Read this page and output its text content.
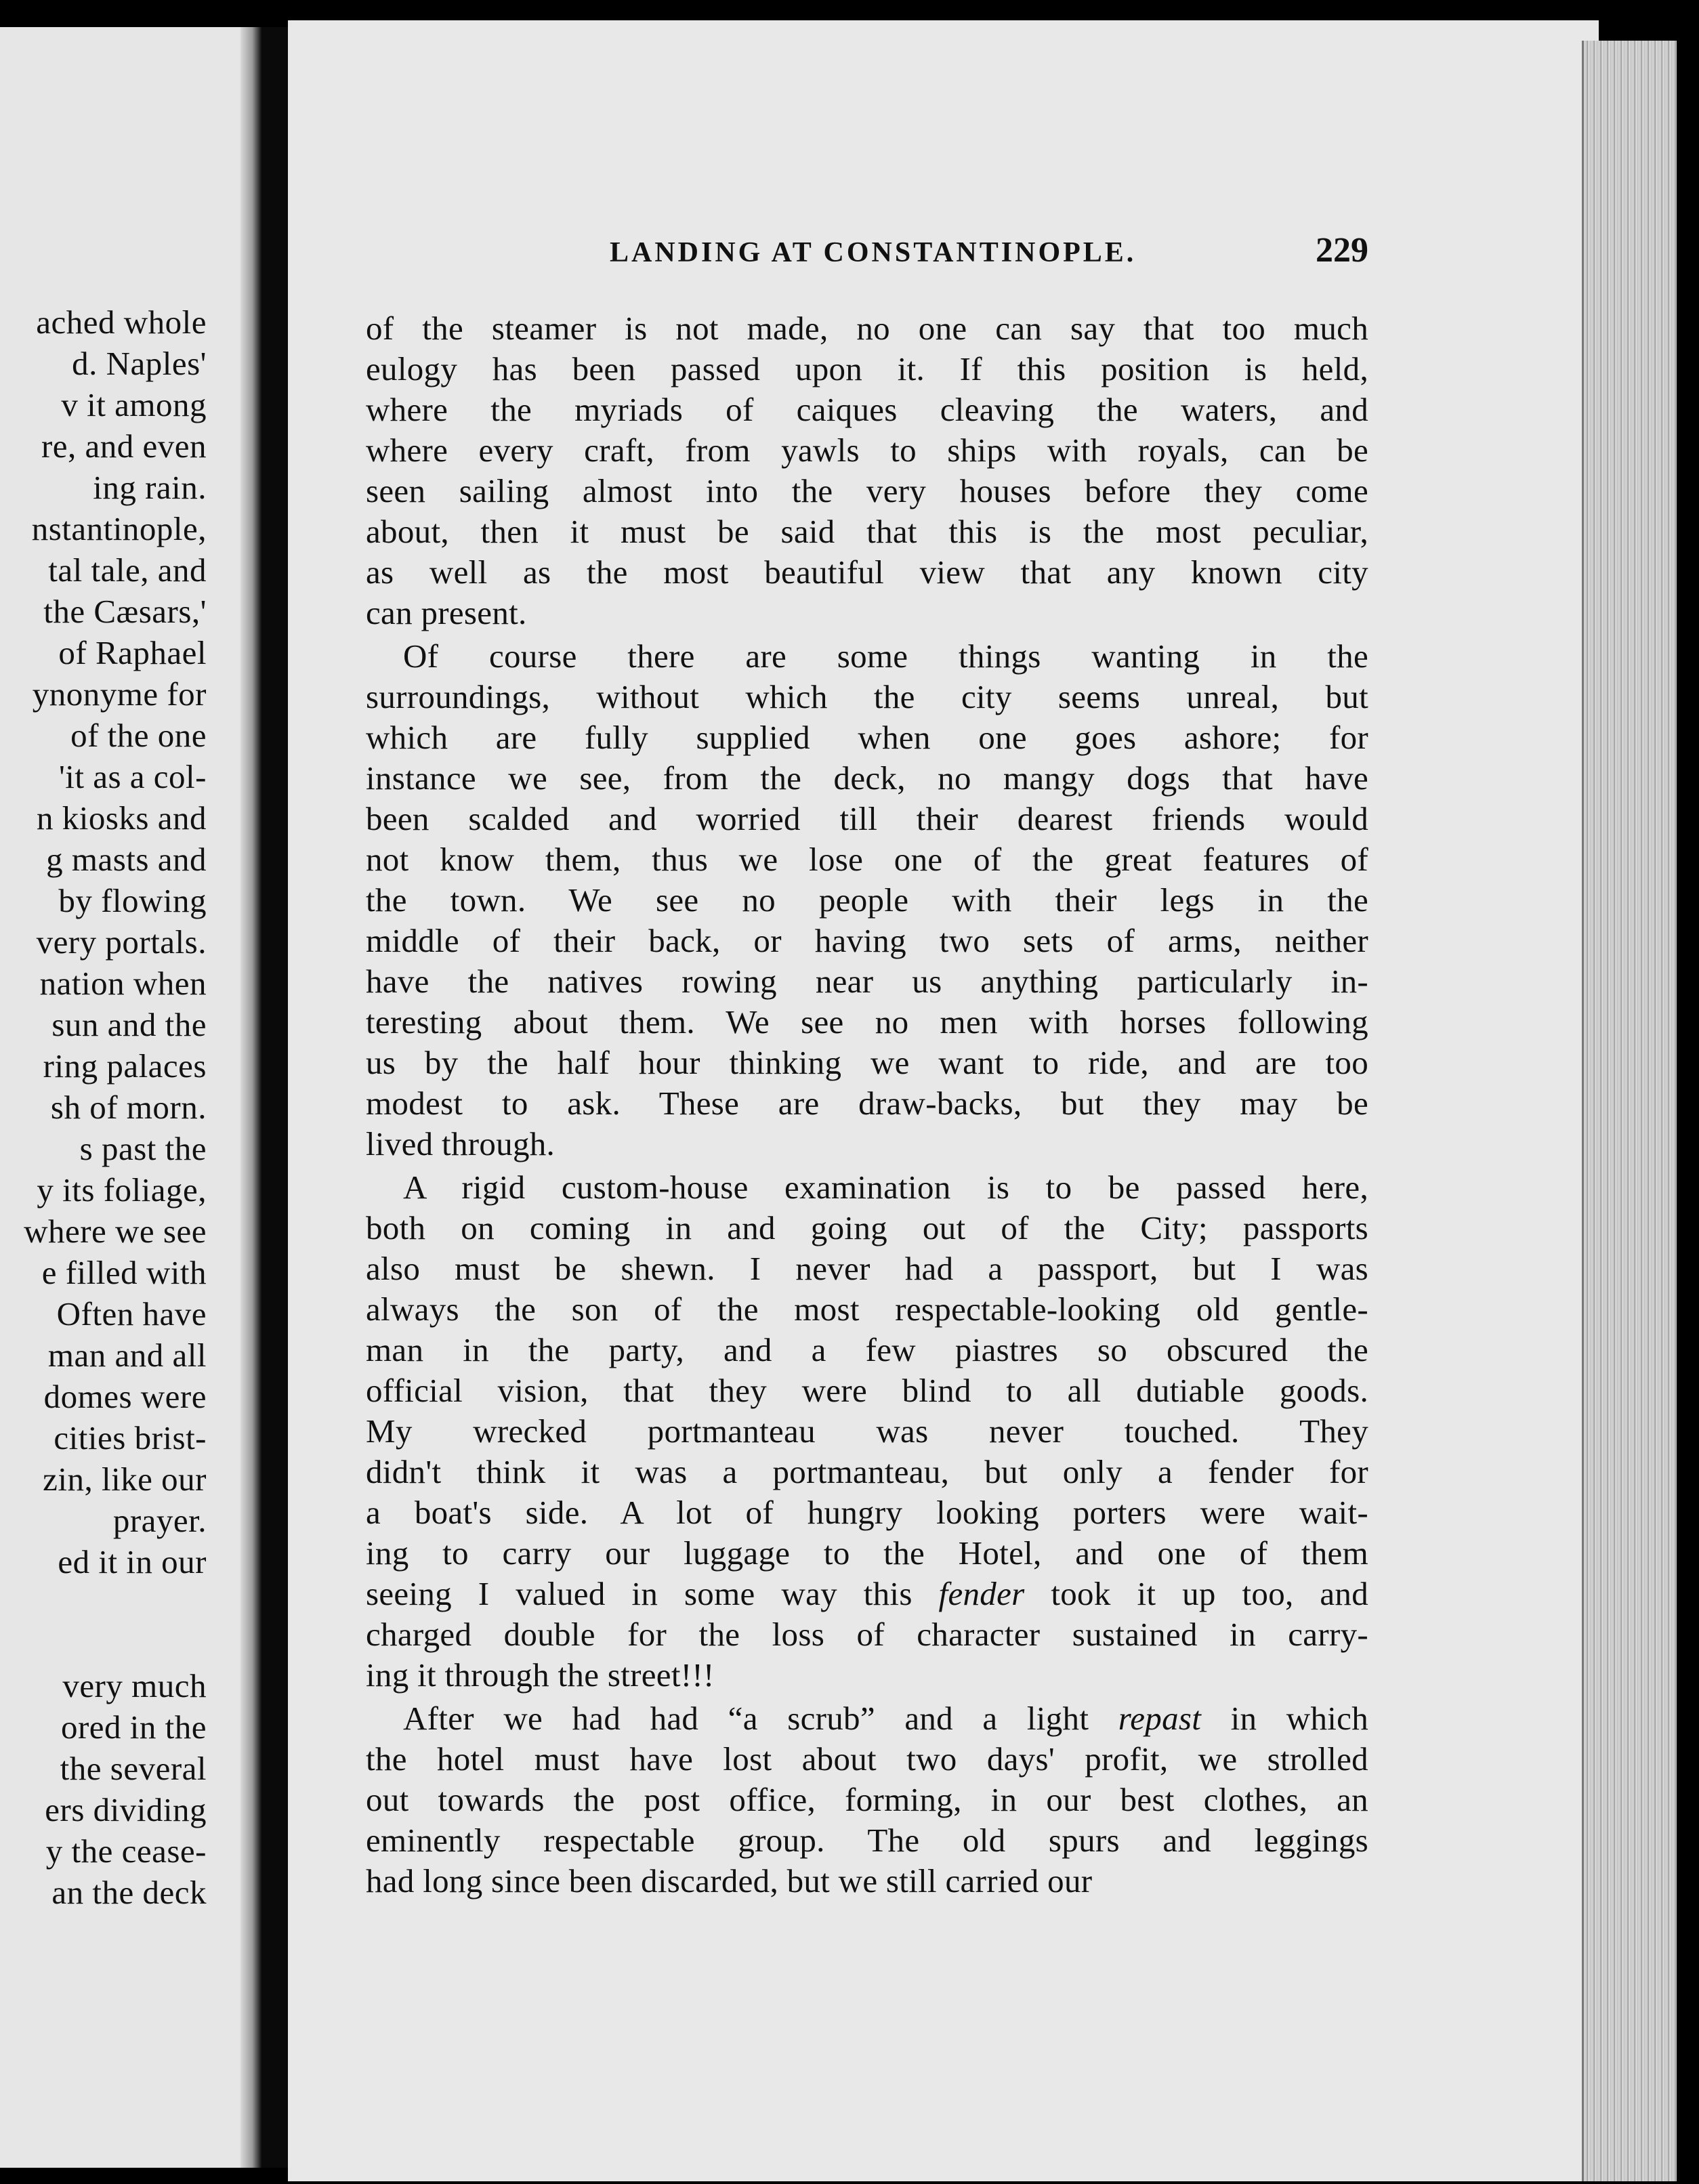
ached whole
d. Naples'
v it among
re, and even
ing rain.
nstantinople,
tal tale, and
the Cæsars,'
of Raphael
ynonyme for
of the one
'it as a col-
n kiosks and
g masts and
by flowing
very portals.
nation when
sun and the
ring palaces
sh of morn.
s past the
y its foliage,
where we see
e filled with
Often have
man and all
domes were
cities brist-
zin, like our
prayer.
ed it in our
very much
ored in the
the several
ers dividing
y the cease-
an the deck
LANDING AT CONSTANTINOPLE.	229
of the steamer is not made, no one can say that too much
eulogy has been passed upon it. If this position is held,
where the myriads of caiques cleaving the waters, and
where every craft, from yawls to ships with royals, can be
seen sailing almost into the very houses before they come
about, then it must be said that this is the most peculiar,
as well as the most beautiful view that any known city
can present.
Of course there are some things wanting in the
surroundings, without which the city seems unreal, but
which are fully supplied when one goes ashore; for
instance we see, from the deck, no mangy dogs that have
been scalded and worried till their dearest friends would
not know them, thus we lose one of the great features of
the town. We see no people with their legs in the
middle of their back, or having two sets of arms, neither
have the natives rowing near us anything particularly in-
teresting about them. We see no men with horses following
us by the half hour thinking we want to ride, and are too
modest to ask. These are draw-backs, but they may be
lived through.
A rigid custom-house examination is to be passed here,
both on coming in and going out of the City; passports
also must be shewn. I never had a passport, but I was
always the son of the most respectable-looking old gentle-
man in the party, and a few piastres so obscured the
official vision, that they were blind to all dutiable goods.
My wrecked portmanteau was never touched. They
didn't think it was a portmanteau, but only a fender for
a boat's side. A lot of hungry looking porters were wait-
ing to carry our luggage to the Hotel, and one of them
seeing I valued in some way this fender took it up too, and
charged double for the loss of character sustained in carry-
ing it through the street!!!
After we had had “a scrub” and a light repast in which
the hotel must have lost about two days' profit, we strolled
out towards the post office, forming, in our best clothes, an
eminently respectable group. The old spurs and leggings
had long since been discarded, but we still carried our
